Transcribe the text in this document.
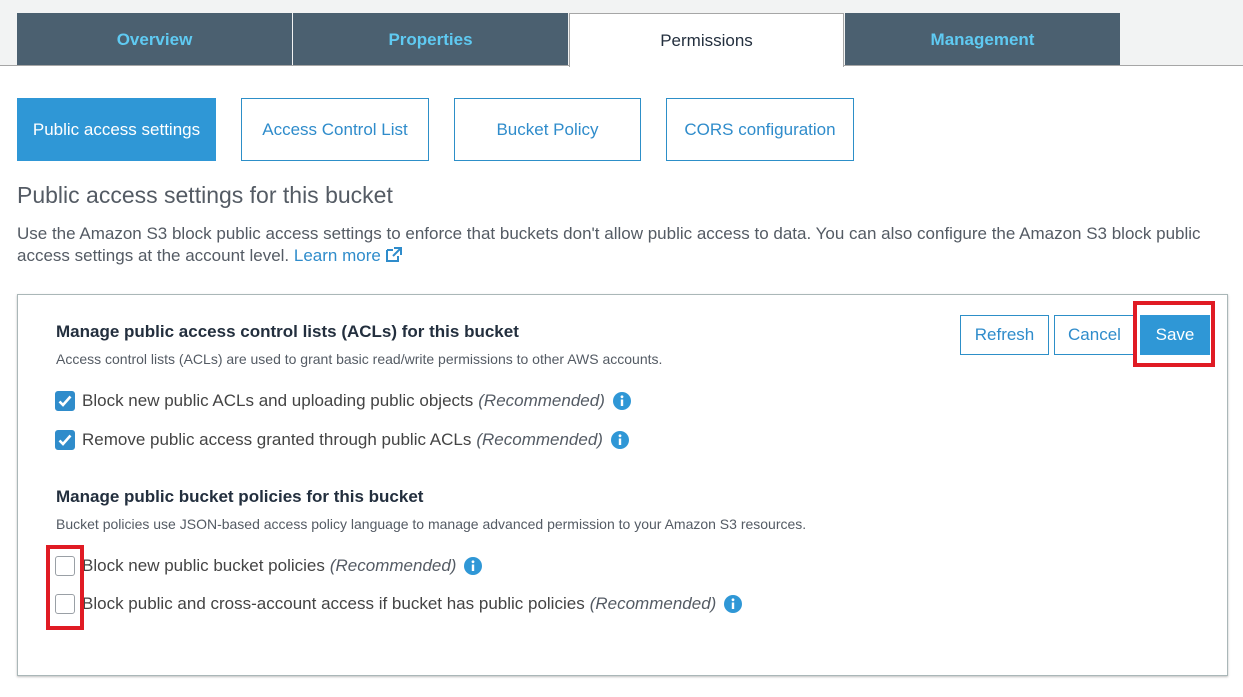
Overview	Properties	Management
Permissions
Public access settings	Access Control List	Bucket Policy	CORS configuration
Public access settings for this bucket
Use the Amazon S3 block public access settings to enforce that buckets don't allow public access to data. You can also configure the Amazon S3 block public access settings at the account level. Learn more
Manage public access control lists (ACLs) for this bucket
Access control lists (ACLs) are used to grant basic read/write permissions to other AWS accounts.
Block new public ACLs and uploading public objects (Recommended)
Remove public access granted through public ACLs (Recommended)
Manage public bucket policies for this bucket
Bucket policies use JSON-based access policy language to manage advanced permission to your Amazon S3 resources.
Block new public bucket policies (Recommended)
Block public and cross-account access if bucket has public policies (Recommended)
Refresh	Cancel	Save
